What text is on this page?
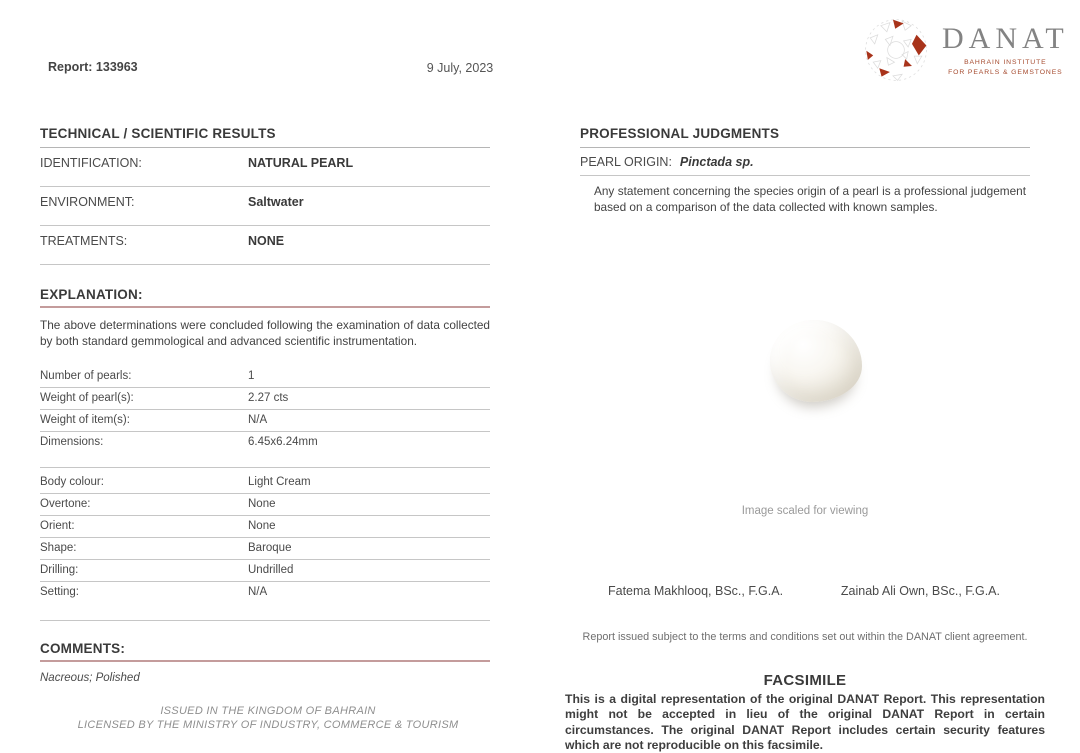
Report: 133963	9 July, 2023
DANAT
BAHRAIN INSTITUTE
FOR PEARLS & GEMSTONES
TECHNICAL / SCIENTIFIC RESULTS
IDENTIFICATION:	NATURAL PEARL
ENVIRONMENT:	Saltwater
TREATMENTS:	NONE
EXPLANATION:
The above determinations were concluded following the examination of data collected by both standard gemmological and advanced scientific instrumentation.
Number of pearls:	1
Weight of pearl(s):	2.27 cts
Weight of item(s):	N/A
Dimensions:	6.45x6.24mm
Body colour:	Light Cream
Overtone:	None
Orient:	None
Shape:	Baroque
Drilling:	Undrilled
Setting:	N/A
COMMENTS:
Nacreous; Polished
PROFESSIONAL JUDGMENTS
PEARL ORIGIN: Pinctada sp.
Any statement concerning the species origin of a pearl is a professional judgement based on a comparison of the data collected with known samples.
Image scaled for viewing
Fatema Makhlooq, BSc., F.G.A.	Zainab Ali Own, BSc., F.G.A.
Report issued subject to the terms and conditions set out within the DANAT client agreement.
FACSIMILE
This is a digital representation of the original DANAT Report. This representation might not be accepted in lieu of the original DANAT Report in certain circumstances. The original DANAT Report includes certain security features which are not reproducible on this facsimile.
ISSUED IN THE KINGDOM OF BAHRAIN
LICENSED BY THE MINISTRY OF INDUSTRY, COMMERCE & TOURISM
